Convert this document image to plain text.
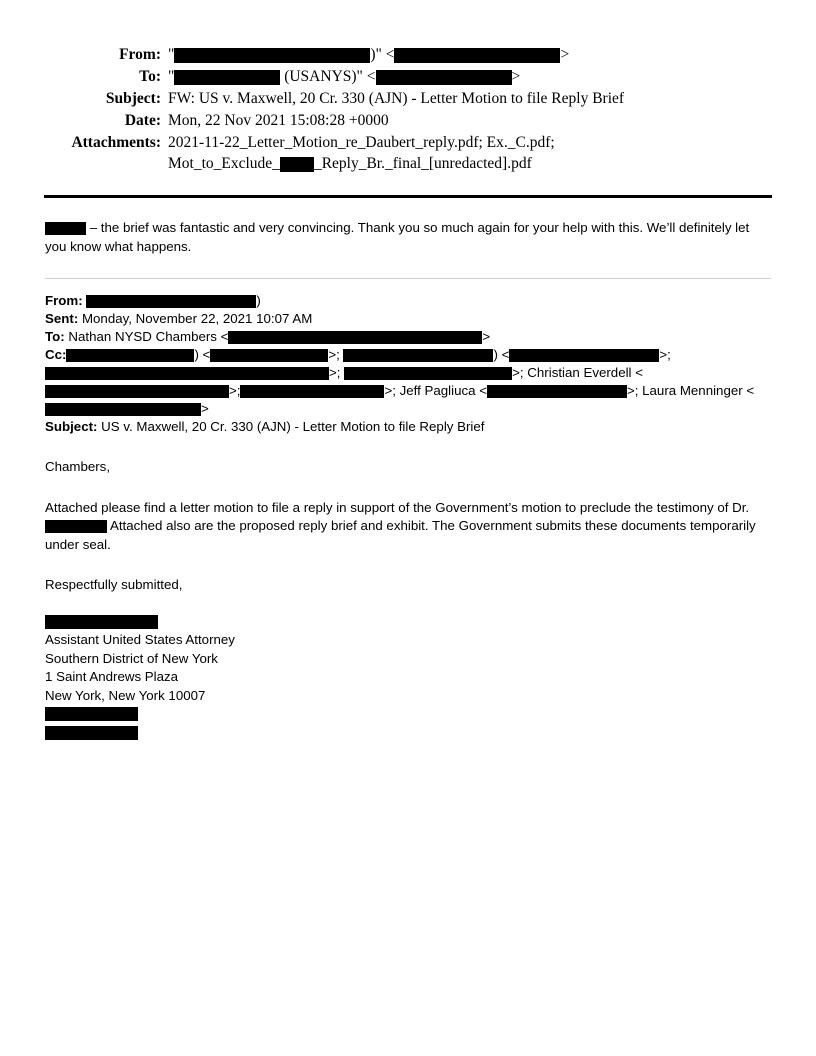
From: "	)" <	>
To: "	(USANYS)" <	>
Subject: FW: US v. Maxwell, 20 Cr. 330 (AJN) - Letter Motion to file Reply Brief
Date: Mon, 22 Nov 2021 15:08:28 +0000
Attachments: 2021-11-22_Letter_Motion_re_Daubert_reply.pdf; Ex._C.pdf;
Mot_to_Exclude_ _Reply_Br._final_[unredacted].pdf

– the brief was fantastic and very convincing. Thank you so much again for your help with this. We’ll definitely let you know what happens.

From:	)

Sent: Monday, November 22, 2021 10:07 AM

To: Nathan NYSD Chambers <	>

Cc:	) <	>;	) <	>; >;	>; Christian Everdell <>;	>; Jeff Pagliuca <	>; Laura Menninger <>

Subject: US v. Maxwell, 20 Cr. 330 (AJN) - Letter Motion to file Reply Brief

Chambers,

Attached please find a letter motion to file a reply in support of the Government’s motion to preclude the testimony of Dr.  Attached also are the proposed reply brief and exhibit. The Government submits these documents temporarily under seal.

Respectfully submitted,

Assistant United States Attorney

Southern District of New York

1 Saint Andrews Plaza

New York, New York 10007
